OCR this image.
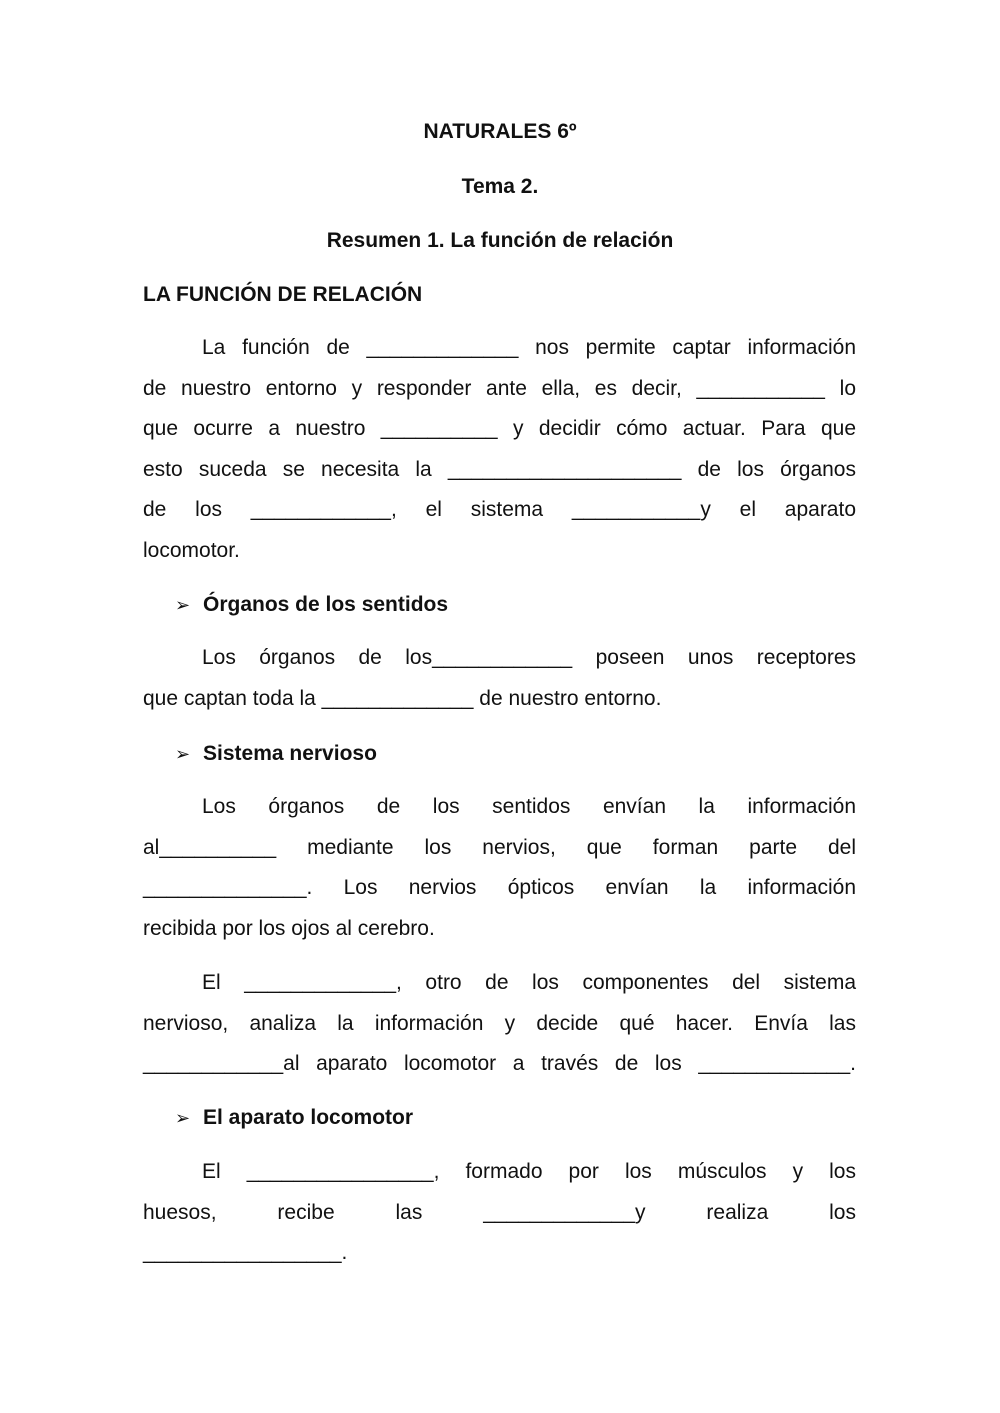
NATURALES 6º
Tema 2.
Resumen 1. La función de relación
LA FUNCIÓN DE RELACIÓN
La función de _____________ nos permite captar información
de nuestro entorno y responder ante ella, es decir, ___________ lo
que ocurre a nuestro __________ y decidir cómo actuar. Para que
esto suceda se necesita la ____________________ de los órganos
de los ____________, el sistema ___________y el aparato
locomotor.
➢ Órganos de los sentidos
Los órganos de los____________ poseen unos receptores
que captan toda la _____________ de nuestro entorno.
➢ Sistema nervioso
Los órganos de los sentidos envían la información
al__________ mediante los nervios, que forman parte del
______________. Los nervios ópticos envían la información
recibida por los ojos al cerebro.
El _____________, otro de los componentes del sistema
nervioso, analiza la información y decide qué hacer. Envía las
____________al aparato locomotor a través de los _____________.
➢ El aparato locomotor
El ________________, formado por los músculos y los
huesos, recibe las _____________y realiza los
_________________.
